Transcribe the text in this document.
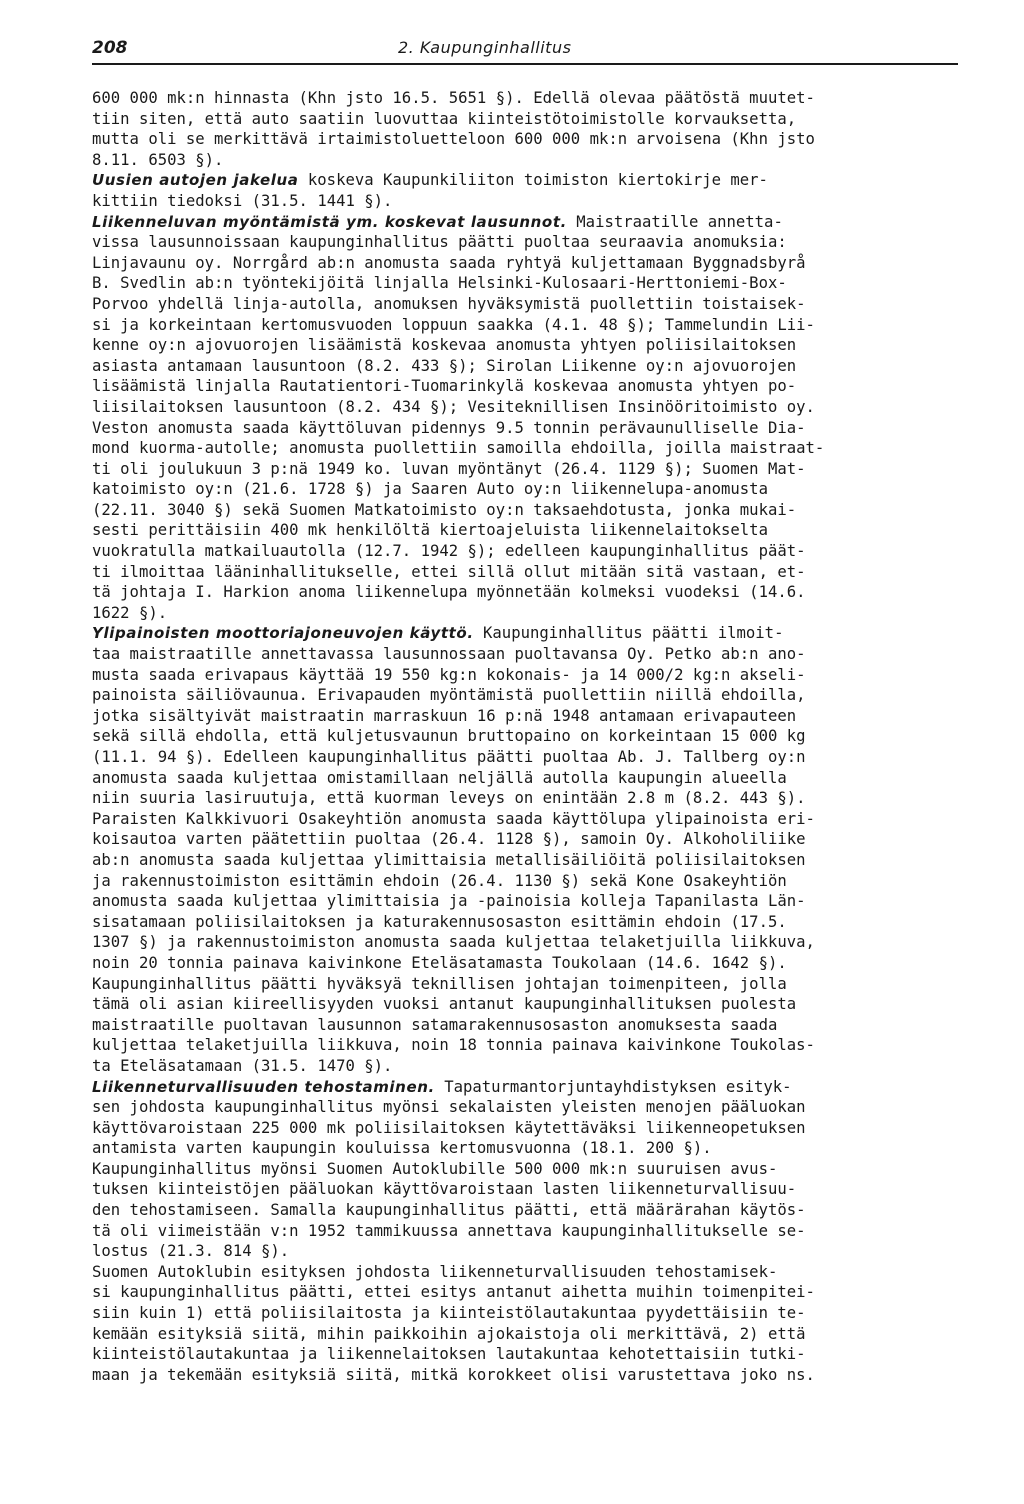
208	2. Kaupunginhallitus
600 000 mk:n hinnasta (Khn jsto 16.5. 5651 §). Edellä olevaa päätöstä muutet-
tiin siten, että auto saatiin luovuttaa kiinteistötoimistolle korvauksetta,
mutta oli se merkittävä irtaimistoluetteloon 600 000 mk:n arvoisena (Khn jsto
8.11. 6503 §).
Uusien autojen jakelua koskeva Kaupunkiliiton toimiston kiertokirje mer-
kittiin tiedoksi (31.5. 1441 §).
Liikenneluvan myöntämistä ym. koskevat lausunnot. Maistraatille annetta-
vissa lausunnoissaan kaupunginhallitus päätti puoltaa seuraavia anomuksia:
Linjavaunu oy. Norrgård ab:n anomusta saada ryhtyä kuljettamaan Byggnadsbyrå
B. Svedlin ab:n työntekijöitä linjalla Helsinki-Kulosaari-Herttoniemi-Box-
Porvoo yhdellä linja-autolla, anomuksen hyväksymistä puollettiin toistaisek-
si ja korkeintaan kertomusvuoden loppuun saakka (4.1. 48 §); Tammelundin Lii-
kenne oy:n ajovuorojen lisäämistä koskevaa anomusta yhtyen poliisilaitoksen
asiasta antamaan lausuntoon (8.2. 433 §); Sirolan Liikenne oy:n ajovuorojen
lisäämistä linjalla Rautatientori-Tuomarinkylä koskevaa anomusta yhtyen po-
liisilaitoksen lausuntoon (8.2. 434 §); Vesiteknillisen Insinööritoimisto oy.
Veston anomusta saada käyttöluvan pidennys 9.5 tonnin perävaunulliselle Dia-
mond kuorma-autolle; anomusta puollettiin samoilla ehdoilla, joilla maistraat-
ti oli joulukuun 3 p:nä 1949 ko. luvan myöntänyt (26.4. 1129 §); Suomen Mat-
katoimisto oy:n (21.6. 1728 §) ja Saaren Auto oy:n liikennelupa-anomusta
(22.11. 3040 §) sekä Suomen Matkatoimisto oy:n taksaehdotusta, jonka mukai-
sesti perittäisiin 400 mk henkilöltä kiertoajeluista liikennelaitokselta
vuokratulla matkailuautolla (12.7. 1942 §); edelleen kaupunginhallitus päät-
ti ilmoittaa lääninhallitukselle, ettei sillä ollut mitään sitä vastaan, et-
tä johtaja I. Harkion anoma liikennelupa myönnetään kolmeksi vuodeksi (14.6.
1622 §).
Ylipainoisten moottoriajoneuvojen käyttö. Kaupunginhallitus päätti ilmoit-
taa maistraatille annettavassa lausunnossaan puoltavansa Oy. Petko ab:n ano-
musta saada erivapaus käyttää 19 550 kg:n kokonais- ja 14 000/2 kg:n akseli-
painoista säiliövaunua. Erivapauden myöntämistä puollettiin niillä ehdoilla,
jotka sisältyivät maistraatin marraskuun 16 p:nä 1948 antamaan erivapauteen
sekä sillä ehdolla, että kuljetusvaunun bruttopaino on korkeintaan 15 000 kg
(11.1. 94 §). Edelleen kaupunginhallitus päätti puoltaa Ab. J. Tallberg oy:n
anomusta saada kuljettaa omistamillaan neljällä autolla kaupungin alueella
niin suuria lasiruutuja, että kuorman leveys on enintään 2.8 m (8.2. 443 §).
Paraisten Kalkkivuori Osakeyhtiön anomusta saada käyttölupa ylipainoista eri-
koisautoa varten päätettiin puoltaa (26.4. 1128 §), samoin Oy. Alkoholiliike
ab:n anomusta saada kuljettaa ylimittaisia metallisäiliöitä poliisilaitoksen
ja rakennustoimiston esittämin ehdoin (26.4. 1130 §) sekä Kone Osakeyhtiön
anomusta saada kuljettaa ylimittaisia ja -painoisia kolleja Tapanilasta Län-
sisatamaan poliisilaitoksen ja katurakennusosaston esittämin ehdoin (17.5.
1307 §) ja rakennustoimiston anomusta saada kuljettaa telaketjuilla liikkuva,
noin 20 tonnia painava kaivinkone Eteläsatamasta Toukolaan (14.6. 1642 §).
Kaupunginhallitus päätti hyväksyä teknillisen johtajan toimenpiteen, jolla
tämä oli asian kiireellisyyden vuoksi antanut kaupunginhallituksen puolesta
maistraatille puoltavan lausunnon satamarakennusosaston anomuksesta saada
kuljettaa telaketjuilla liikkuva, noin 18 tonnia painava kaivinkone Toukolas-
ta Eteläsatamaan (31.5. 1470 §).
Liikenneturvallisuuden tehostaminen. Tapaturmantorjuntayhdistyksen esityk-
sen johdosta kaupunginhallitus myönsi sekalaisten yleisten menojen pääluokan
käyttövaroistaan 225 000 mk poliisilaitoksen käytettäväksi liikenneopetuksen
antamista varten kaupungin kouluissa kertomusvuonna (18.1. 200 §).
Kaupunginhallitus myönsi Suomen Autoklubille 500 000 mk:n suuruisen avus-
tuksen kiinteistöjen pääluokan käyttövaroistaan lasten liikenneturvallisuu-
den tehostamiseen. Samalla kaupunginhallitus päätti, että määrärahan käytös-
tä oli viimeistään v:n 1952 tammikuussa annettava kaupunginhallitukselle se-
lostus (21.3. 814 §).
Suomen Autoklubin esityksen johdosta liikenneturvallisuuden tehostamisek-
si kaupunginhallitus päätti, ettei esitys antanut aihetta muihin toimenpitei-
siin kuin 1) että poliisilaitosta ja kiinteistölautakuntaa pyydettäisiin te-
kemään esityksiä siitä, mihin paikkoihin ajokaistoja oli merkittävä, 2) että
kiinteistölautakuntaa ja liikennelaitoksen lautakuntaa kehotettaisiin tutki-
maan ja tekemään esityksiä siitä, mitkä korokkeet olisi varustettava joko ns.
